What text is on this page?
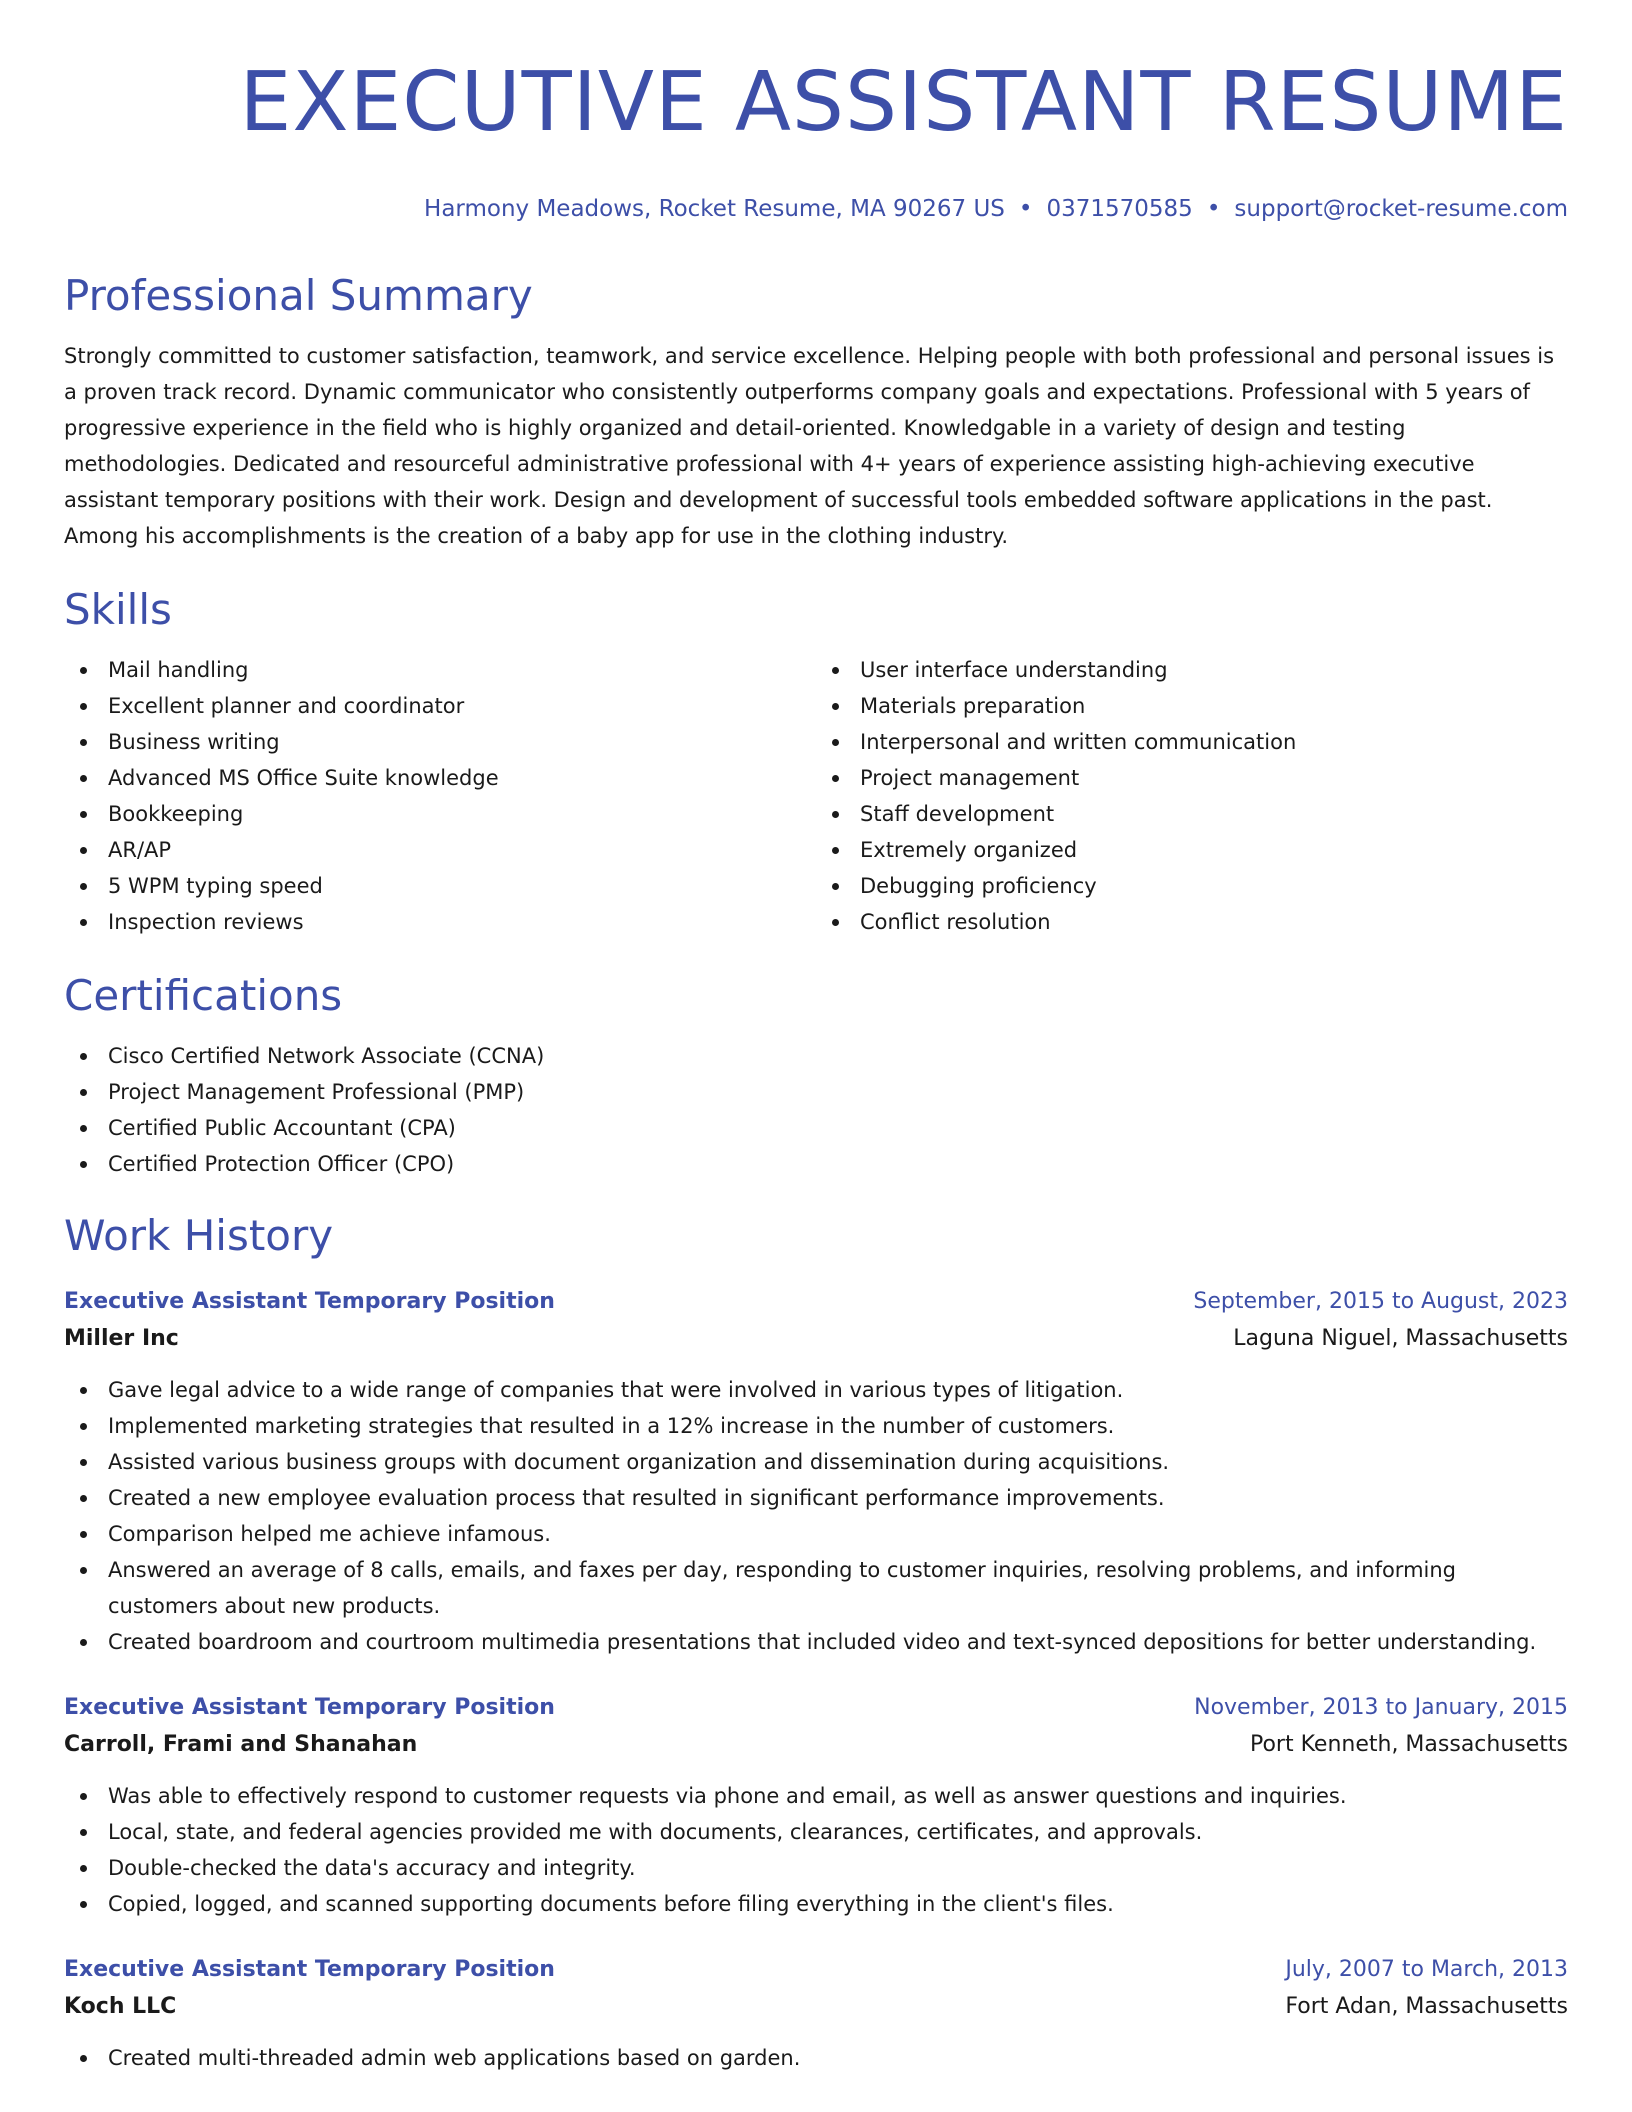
EXECUTIVE ASSISTANT RESUME
Harmony Meadows, Rocket Resume, MA 90267 US • 0371570585 • support@rocket-resume.com
Professional Summary

Strongly committed to customer satisfaction, teamwork, and service excellence. Helping people with both professional and personal issues is a proven track record. Dynamic communicator who consistently outperforms company goals and expectations. Professional with 5 years of progressive experience in the field who is highly organized and detail-oriented. Knowledgable in a variety of design and testing methodologies. Dedicated and resourceful administrative professional with 4+ years of experience assisting high-achieving executive assistant temporary positions with their work. Design and development of successful tools embedded software applications in the past. Among his accomplishments is the creation of a baby app for use in the clothing industry.

Skills
Mail handling
Excellent planner and coordinator
Business writing
Advanced MS Office Suite knowledge
Bookkeeping
AR/AP
5 WPM typing speed
Inspection reviews
User interface understanding
Materials preparation
Interpersonal and written communication
Project management
Staff development
Extremely organized
Debugging proficiency
Conflict resolution
Certifications
Cisco Certified Network Associate (CCNA)
Project Management Professional (PMP)
Certified Public Accountant (CPA)
Certified Protection Officer (CPO)
Work History
Executive Assistant Temporary Position	September, 2015 to August, 2023
Miller Inc	Laguna Niguel, Massachusetts
Gave legal advice to a wide range of companies that were involved in various types of litigation.
Implemented marketing strategies that resulted in a 12% increase in the number of customers.
Assisted various business groups with document organization and dissemination during acquisitions.
Created a new employee evaluation process that resulted in significant performance improvements.
Comparison helped me achieve infamous.
Answered an average of 8 calls, emails, and faxes per day, responding to customer inquiries, resolving problems, and informing customers about new products.
Created boardroom and courtroom multimedia presentations that included video and text-synced depositions for better understanding.
Executive Assistant Temporary Position	November, 2013 to January, 2015
Carroll, Frami and Shanahan	Port Kenneth, Massachusetts
Was able to effectively respond to customer requests via phone and email, as well as answer questions and inquiries.
Local, state, and federal agencies provided me with documents, clearances, certificates, and approvals.
Double-checked the data's accuracy and integrity.
Copied, logged, and scanned supporting documents before filing everything in the client's files.
Executive Assistant Temporary Position	July, 2007 to March, 2013
Koch LLC	Fort Adan, Massachusetts
Created multi-threaded admin web applications based on garden.
